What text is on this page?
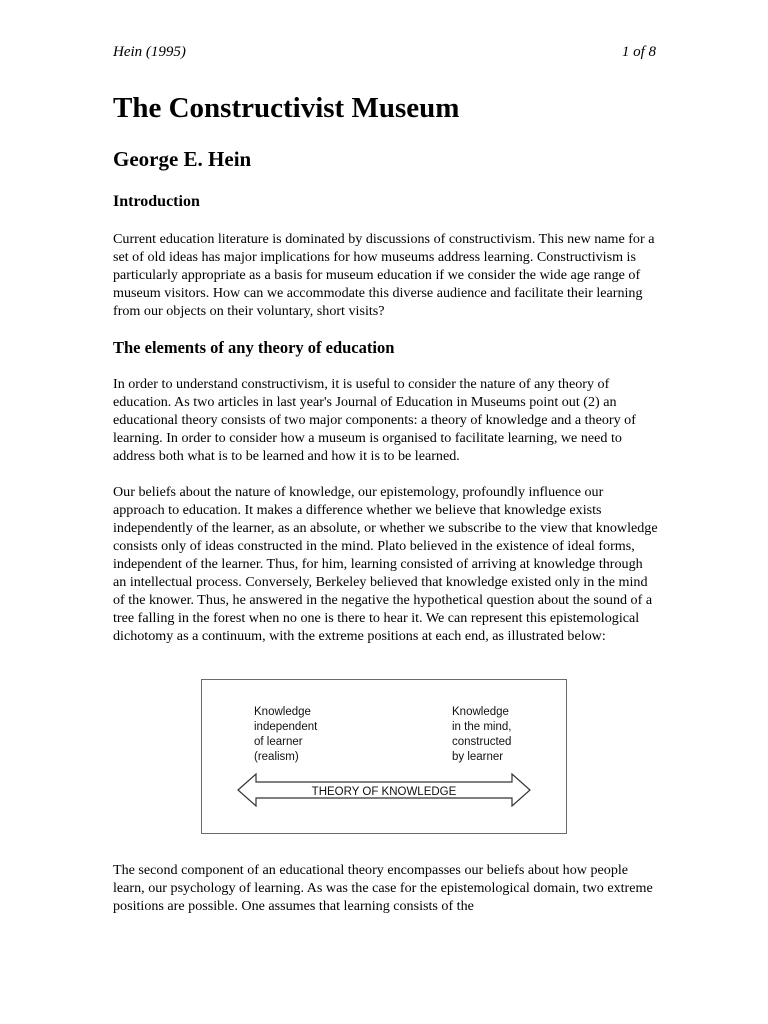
Hein (1995)	1 of 8
The Constructivist Museum
George E. Hein
Introduction

Current education literature is dominated by discussions of constructivism. This new name for a set of old ideas has major implications for how museums address learning. Constructivism is particularly appropriate as a basis for museum education if we consider the wide age range of museum visitors. How can we accommodate this diverse audience and facilitate their learning from our objects on their voluntary, short visits?

The elements of any theory of education

In order to understand constructivism, it is useful to consider the nature of any theory of education. As two articles in last year's Journal of Education in Museums point out (2) an educational theory consists of two major components: a theory of knowledge and a theory of learning. In order to consider how a museum is organised to facilitate learning, we need to address both what is to be learned and how it is to be learned.

Our beliefs about the nature of knowledge, our epistemology, profoundly influence our approach to education. It makes a difference whether we believe that knowledge exists independently of the learner, as an absolute, or whether we subscribe to the view that knowledge consists only of ideas constructed in the mind. Plato believed in the existence of ideal forms, independent of the learner. Thus, for him, learning consisted of arriving at knowledge through an intellectual process. Conversely, Berkeley believed that knowledge existed only in the mind of the knower. Thus, he answered in the negative the hypothetical question about the sound of a tree falling in the forest when no one is there to hear it. We can represent this epistemological dichotomy as a continuum, with the extreme positions at each end, as illustrated below:

Knowledge
independent
of learner
(realism)
Knowledge
in the mind,
constructed
by learner
THEORY OF KNOWLEDGE

The second component of an educational theory encompasses our beliefs about how people learn, our psychology of learning. As was the case for the epistemological domain, two extreme positions are possible. One assumes that learning consists of the
